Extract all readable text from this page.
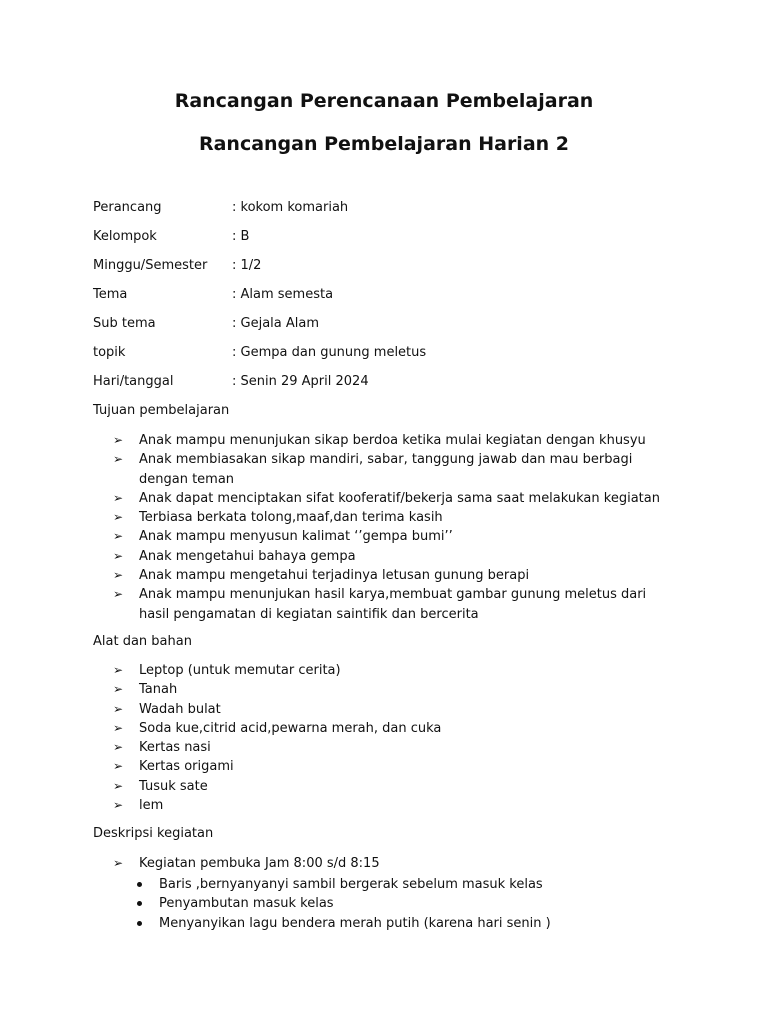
Rancangan Perencanaan Pembelajaran
Rancangan Pembelajaran Harian 2
Perancang	: kokom komariah
Kelompok	: B
Minggu/Semester : 1/2
Tema	: Alam semesta
Sub tema	: Gejala Alam
topik	: Gempa dan gunung meletus
Hari/tanggal	: Senin 29 April 2024
Tujuan pembelajaran
➢ Anak mampu menunjukan sikap berdoa ketika mulai kegiatan dengan khusyu
➢ Anak membiasakan sikap mandiri, sabar, tanggung jawab dan mau berbagi dengan teman
➢ Anak dapat menciptakan sifat kooferatif/bekerja sama saat melakukan kegiatan
➢ Terbiasa berkata tolong,maaf,dan terima kasih
➢ Anak mampu menyusun kalimat ‘’gempa bumi’’
➢ Anak mengetahui bahaya gempa
➢ Anak mampu mengetahui terjadinya letusan gunung berapi
➢ Anak mampu menunjukan hasil karya,membuat gambar gunung meletus dari hasil pengamatan di kegiatan saintifik dan bercerita
Alat dan bahan
➢ Leptop (untuk memutar cerita)
➢ Tanah
➢ Wadah bulat
➢ Soda kue,citrid acid,pewarna merah, dan cuka
➢ Kertas nasi
➢ Kertas origami
➢ Tusuk sate
➢ lem
Deskripsi kegiatan
➢ Kegiatan pembuka Jam 8:00 s/d 8:15
Baris ,bernyanyanyi sambil bergerak sebelum masuk kelas
Penyambutan masuk kelas
Menyanyikan lagu bendera merah putih (karena hari senin )
